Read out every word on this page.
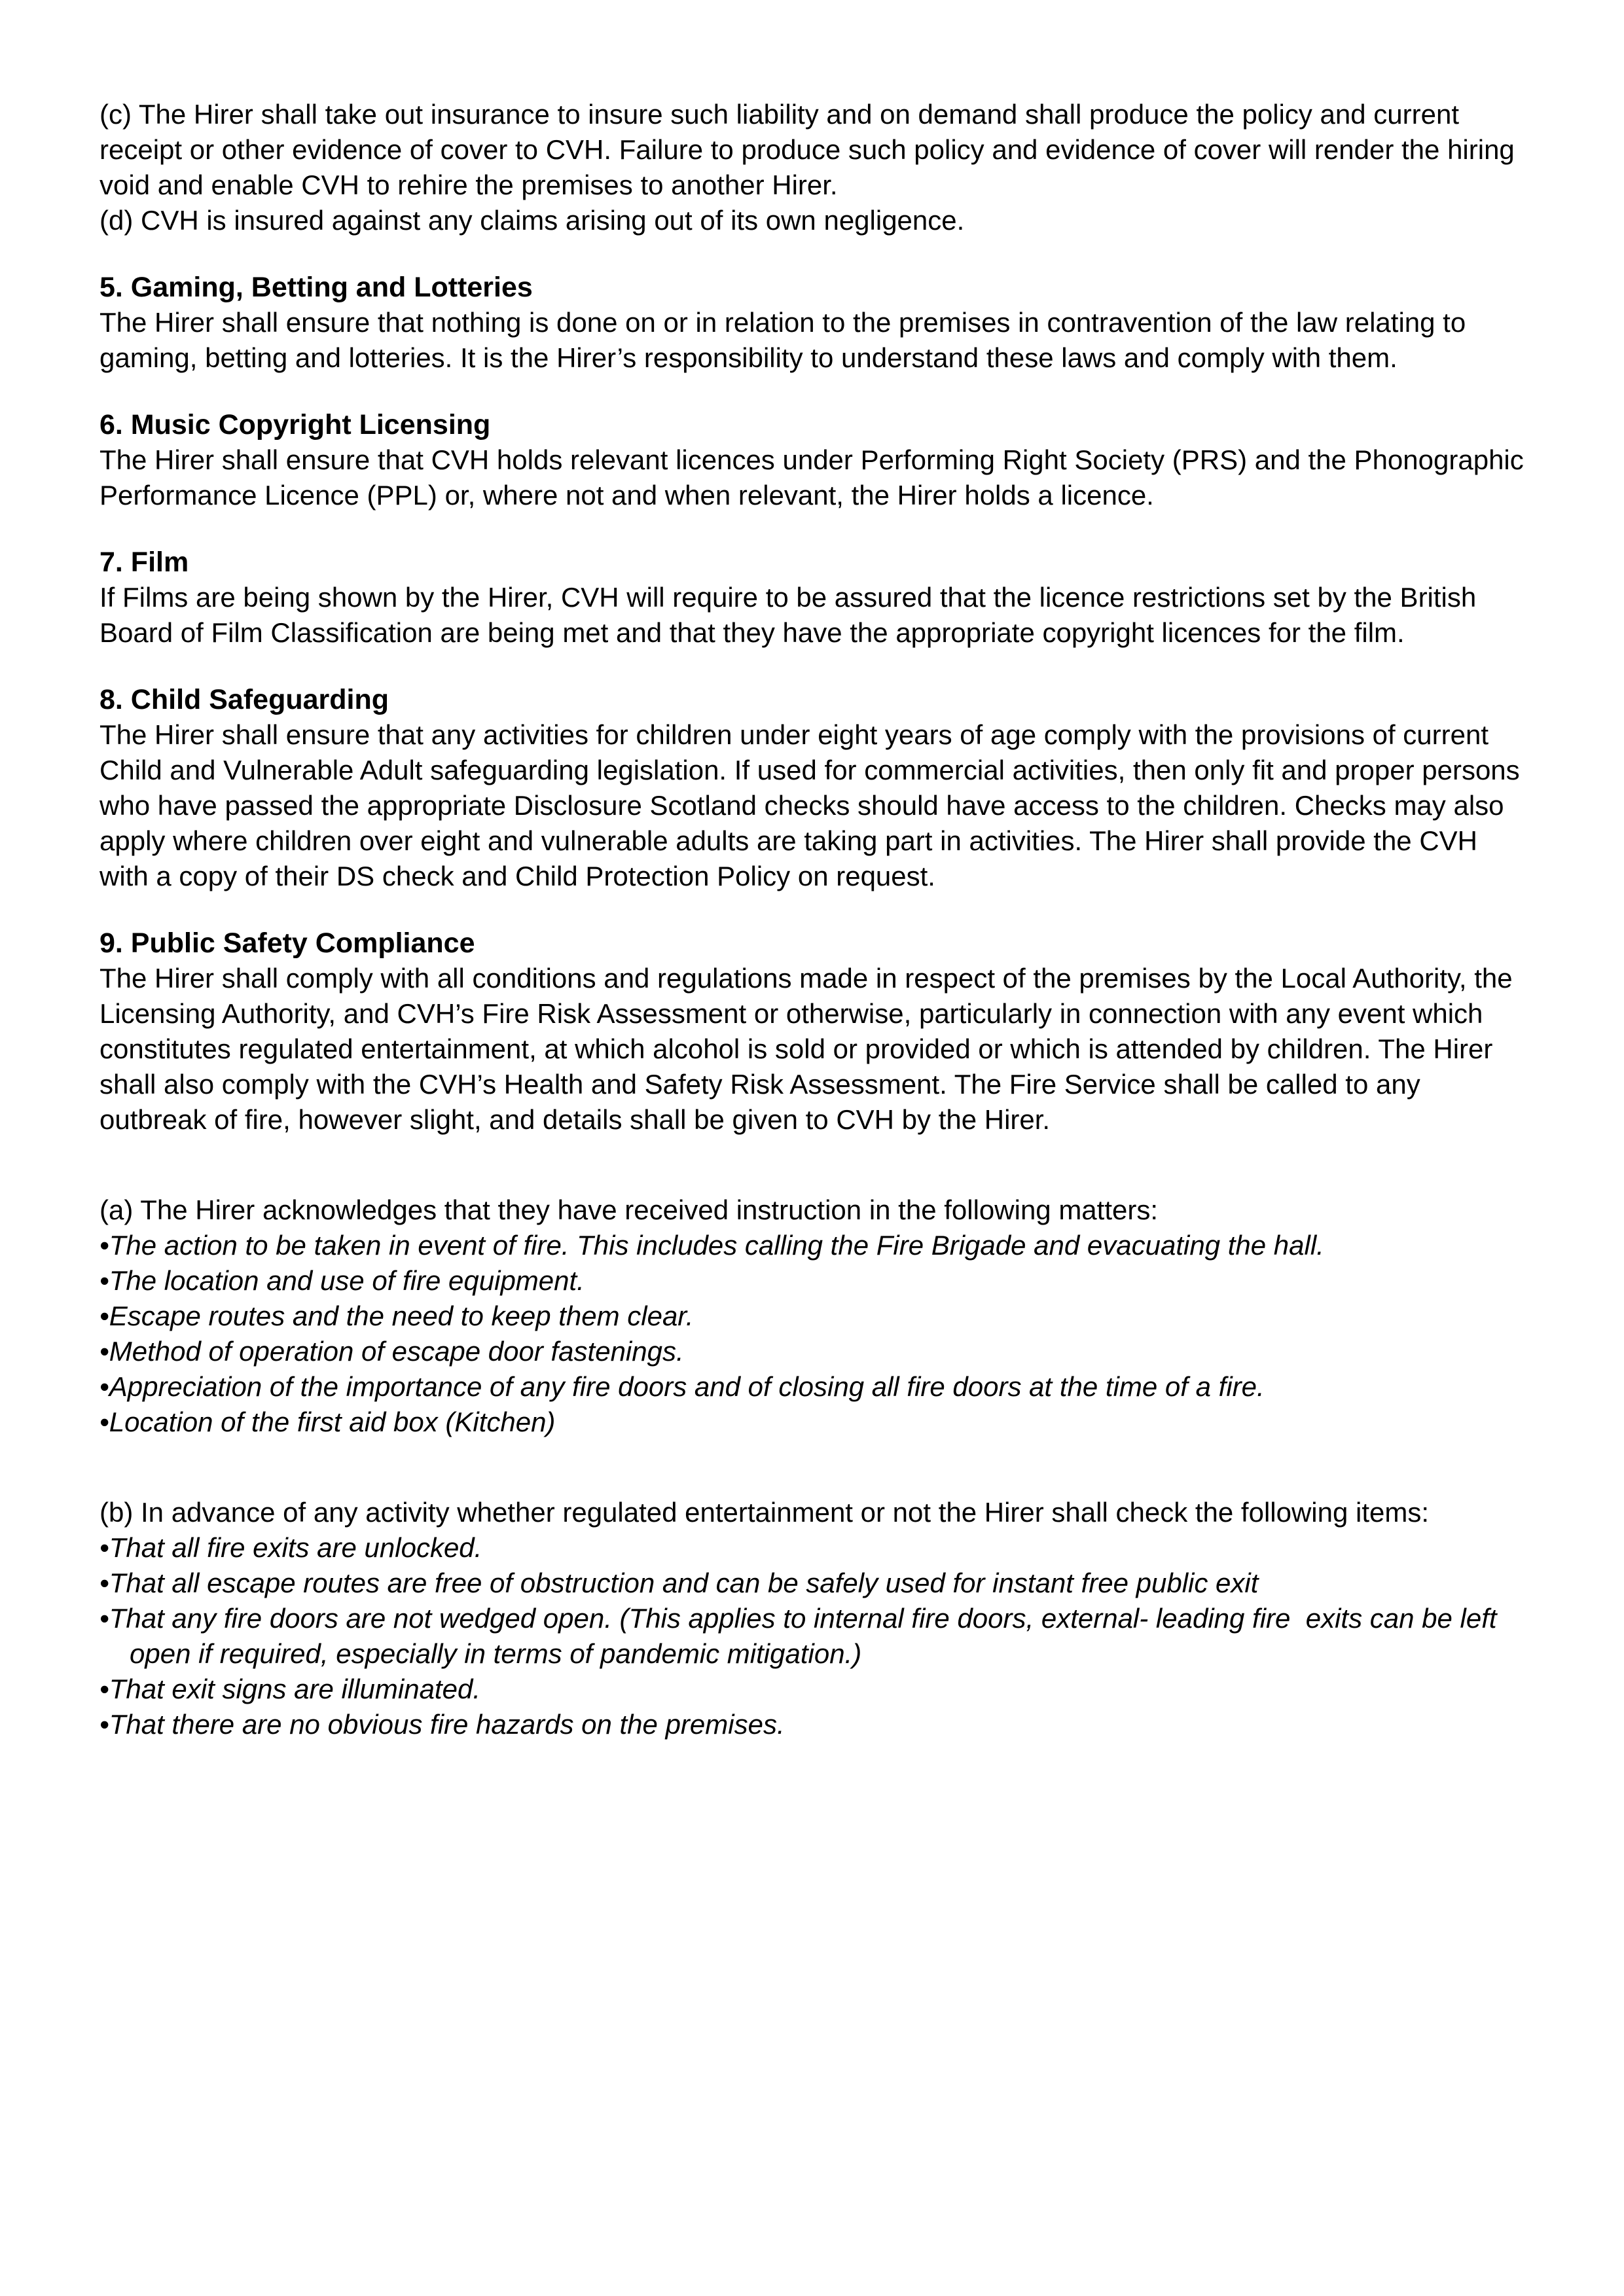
(c) The Hirer shall take out insurance to insure such liability and on demand shall produce the policy and current receipt or other evidence of cover to CVH. Failure to produce such policy and evidence of cover will render the hiring void and enable CVH to rehire the premises to another Hirer.

(d) CVH is insured against any claims arising out of its own negligence.

5. Gaming, Betting and Lotteries

The Hirer shall ensure that nothing is done on or in relation to the premises in contravention of the law relating to gaming, betting and lotteries. It is the Hirer’s responsibility to understand these laws and comply with them.

6. Music Copyright Licensing

The Hirer shall ensure that CVH holds relevant licences under Performing Right Society (PRS) and the Phonographic Performance Licence (PPL) or, where not and when relevant, the Hirer holds a licence.

7. Film

If Films are being shown by the Hirer, CVH will require to be assured that the licence restrictions set by the British Board of Film Classification are being met and that they have the appropriate copyright licences for the film.

8. Child Safeguarding

The Hirer shall ensure that any activities for children under eight years of age comply with the provisions of current Child and Vulnerable Adult safeguarding legislation. If used for commercial activities, then only fit and proper persons who have passed the appropriate Disclosure Scotland checks should have access to the children. Checks may also apply where children over eight and vulnerable adults are taking part in activities. The Hirer shall provide the CVH with a copy of their DS check and Child Protection Policy on request.

9. Public Safety Compliance

The Hirer shall comply with all conditions and regulations made in respect of the premises by the Local Authority, the Licensing Authority, and CVH’s Fire Risk Assessment or otherwise, particularly in connection with any event which constitutes regulated entertainment, at which alcohol is sold or provided or which is attended by children. The Hirer shall also comply with the CVH’s Health and Safety Risk Assessment. The Fire Service shall be called to any outbreak of fire, however slight, and details shall be given to CVH by the Hirer.

(a) The Hirer acknowledges that they have received instruction in the following matters:

• The action to be taken in event of fire. This includes calling the Fire Brigade and evacuating the hall.
• The location and use of fire equipment.
• Escape routes and the need to keep them clear.
• Method of operation of escape door fastenings.
• Appreciation of the importance of any fire doors and of closing all fire doors at the time of a fire.
• Location of the first aid box (Kitchen)

(b) In advance of any activity whether regulated entertainment or not the Hirer shall check the following items:

• That all fire exits are unlocked.
• That all escape routes are free of obstruction and can be safely used for instant free public exit
• That any fire doors are not wedged open. (This applies to internal fire doors, external- leading fire  exits can be left open if required, especially in terms of pandemic mitigation.)
• That exit signs are illuminated.
• That there are no obvious fire hazards on the premises.
